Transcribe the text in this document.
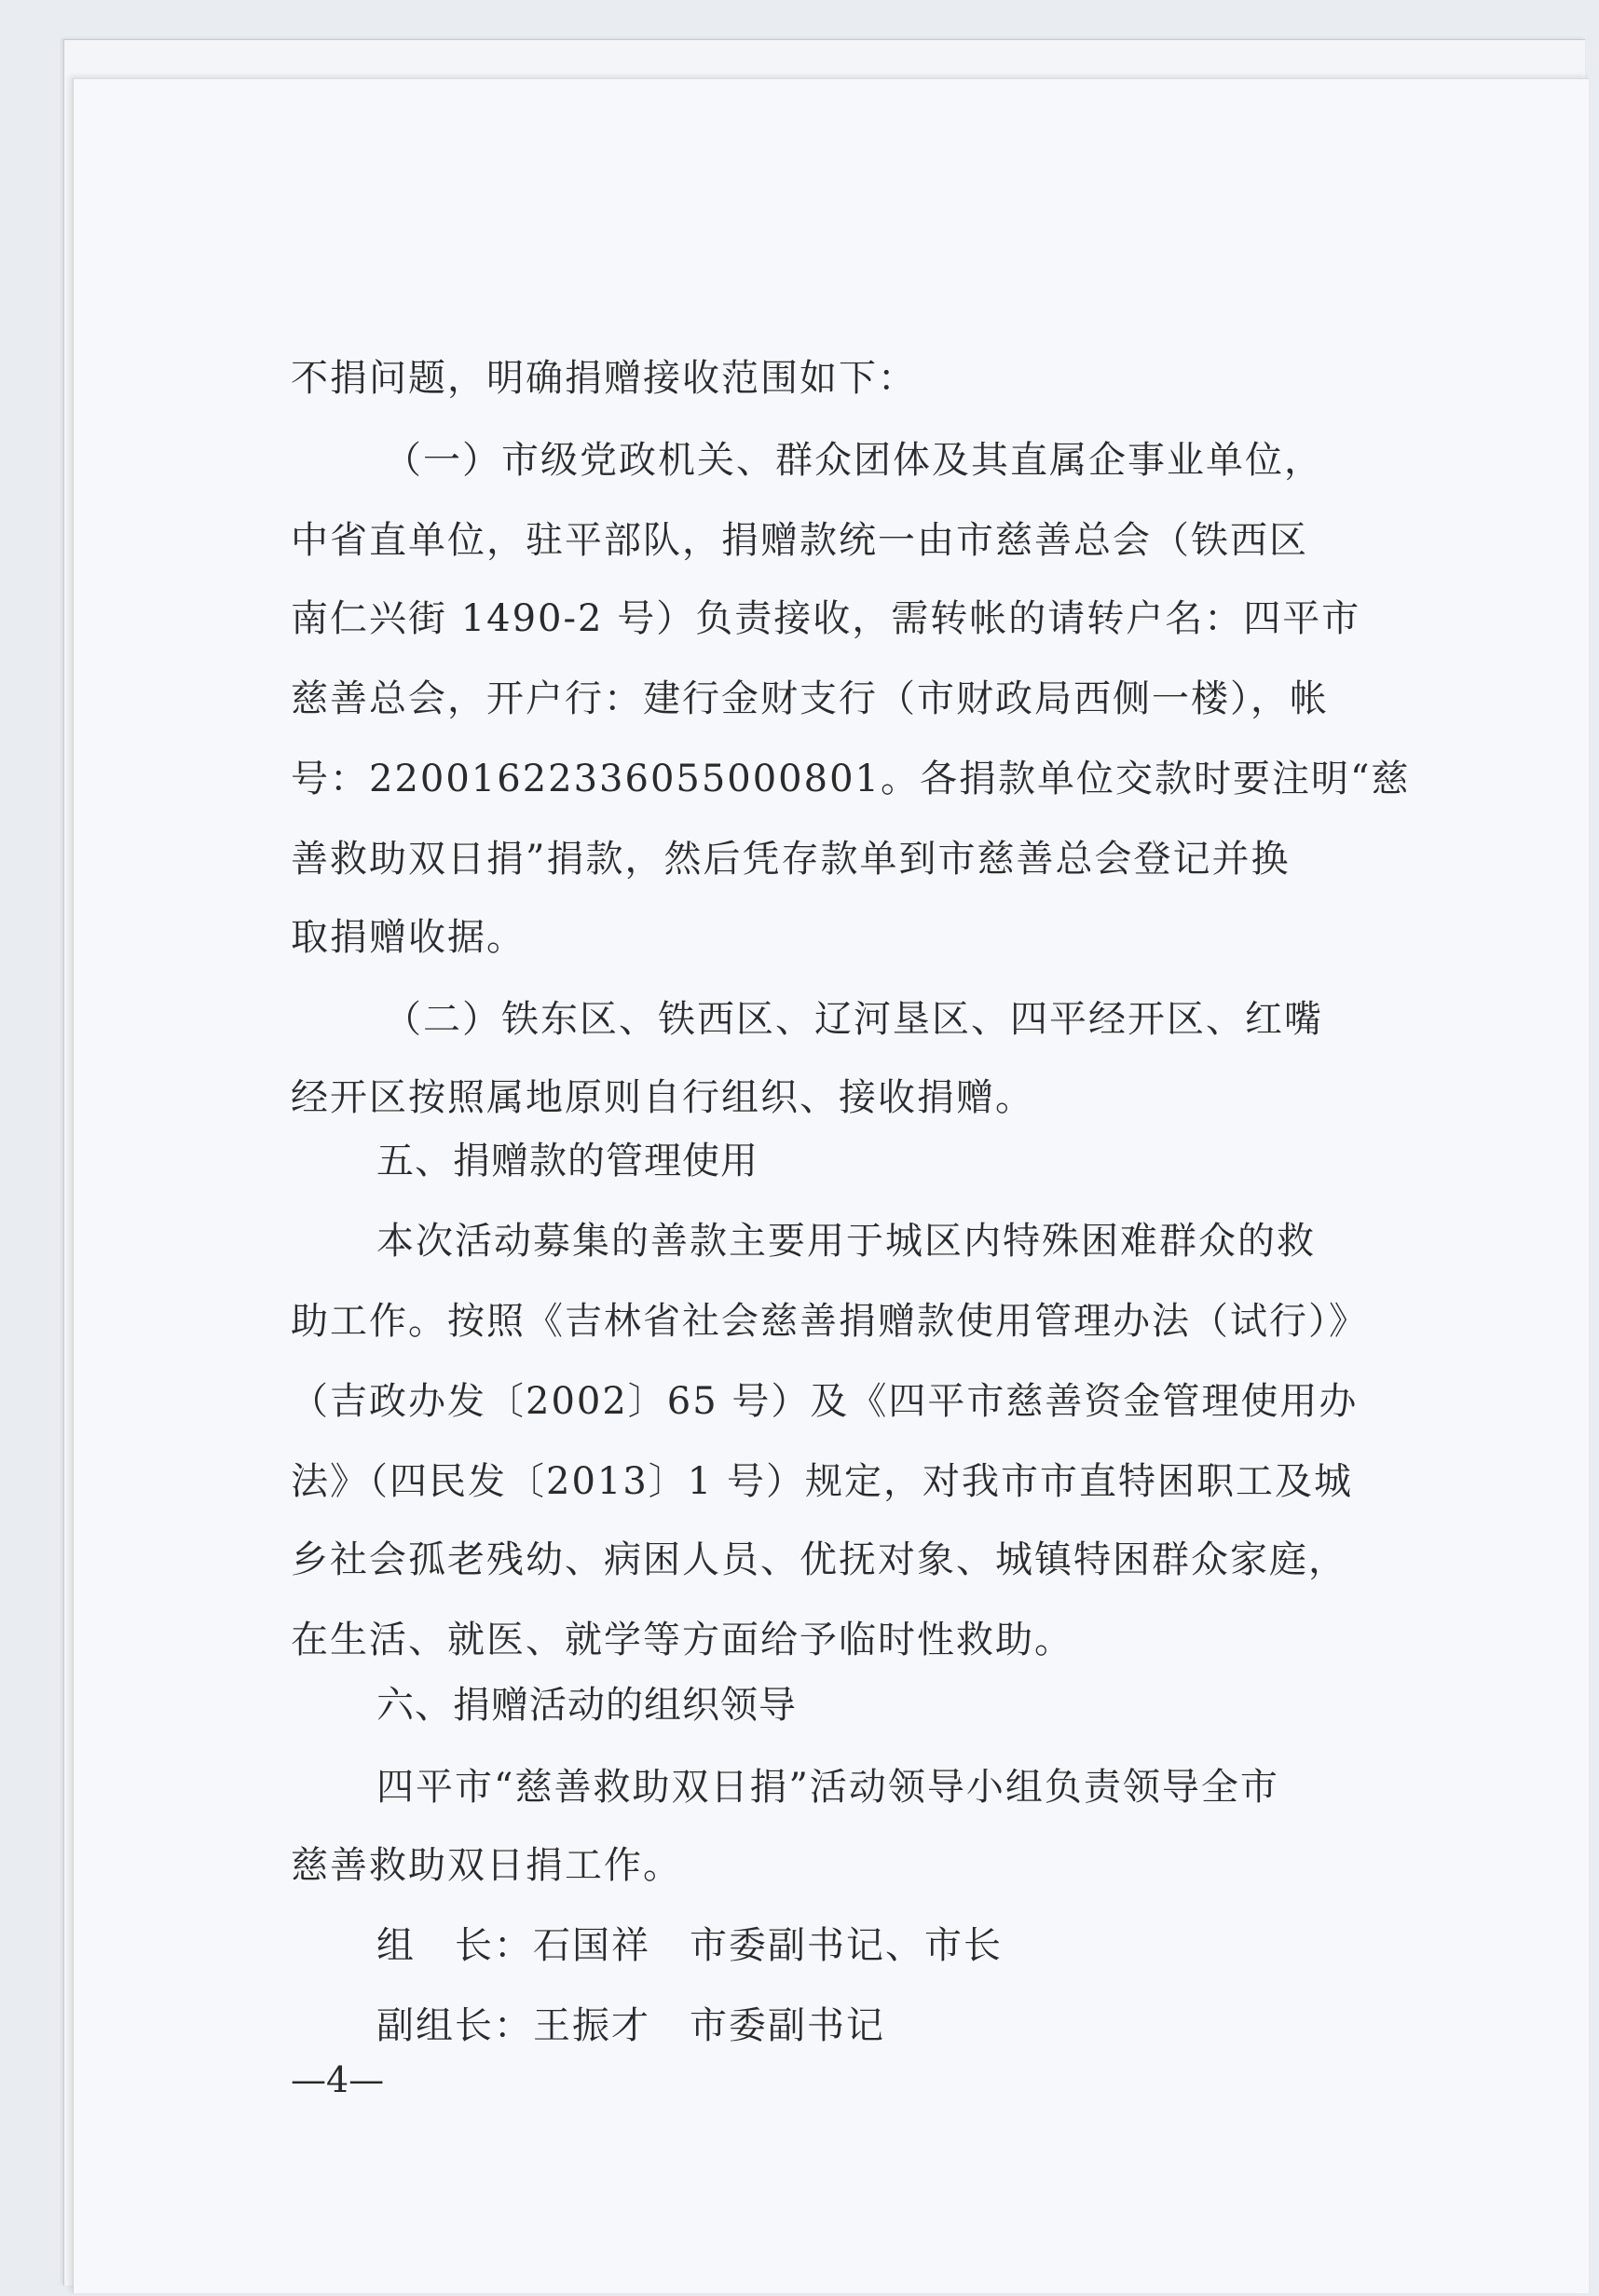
不捐问题，明确捐赠接收范围如下：
（一）市级党政机关、群众团体及其直属企事业单位，
中省直单位，驻平部队，捐赠款统一由市慈善总会（铁西区
南仁兴街 1490-2 号）负责接收，需转帐的请转户名：四平市
慈善总会，开户行：建行金财支行（市财政局西侧一楼），帐
号：22001622336055000801。各捐款单位交款时要注明“慈
善救助双日捐”捐款，然后凭存款单到市慈善总会登记并换
取捐赠收据。
（二）铁东区、铁西区、辽河垦区、四平经开区、红嘴
经开区按照属地原则自行组织、接收捐赠。
五、捐赠款的管理使用
本次活动募集的善款主要用于城区内特殊困难群众的救
助工作。按照《吉林省社会慈善捐赠款使用管理办法（试行）》
（吉政办发〔2002〕65 号）及《四平市慈善资金管理使用办
法》（四民发〔2013〕1 号）规定，对我市市直特困职工及城
乡社会孤老残幼、病困人员、优抚对象、城镇特困群众家庭，
在生活、就医、就学等方面给予临时性救助。
六、捐赠活动的组织领导
四平市“慈善救助双日捐”活动领导小组负责领导全市
慈善救助双日捐工作。
组　长：石国祥　市委副书记、市长
副组长：王振才　市委副书记
—4—
